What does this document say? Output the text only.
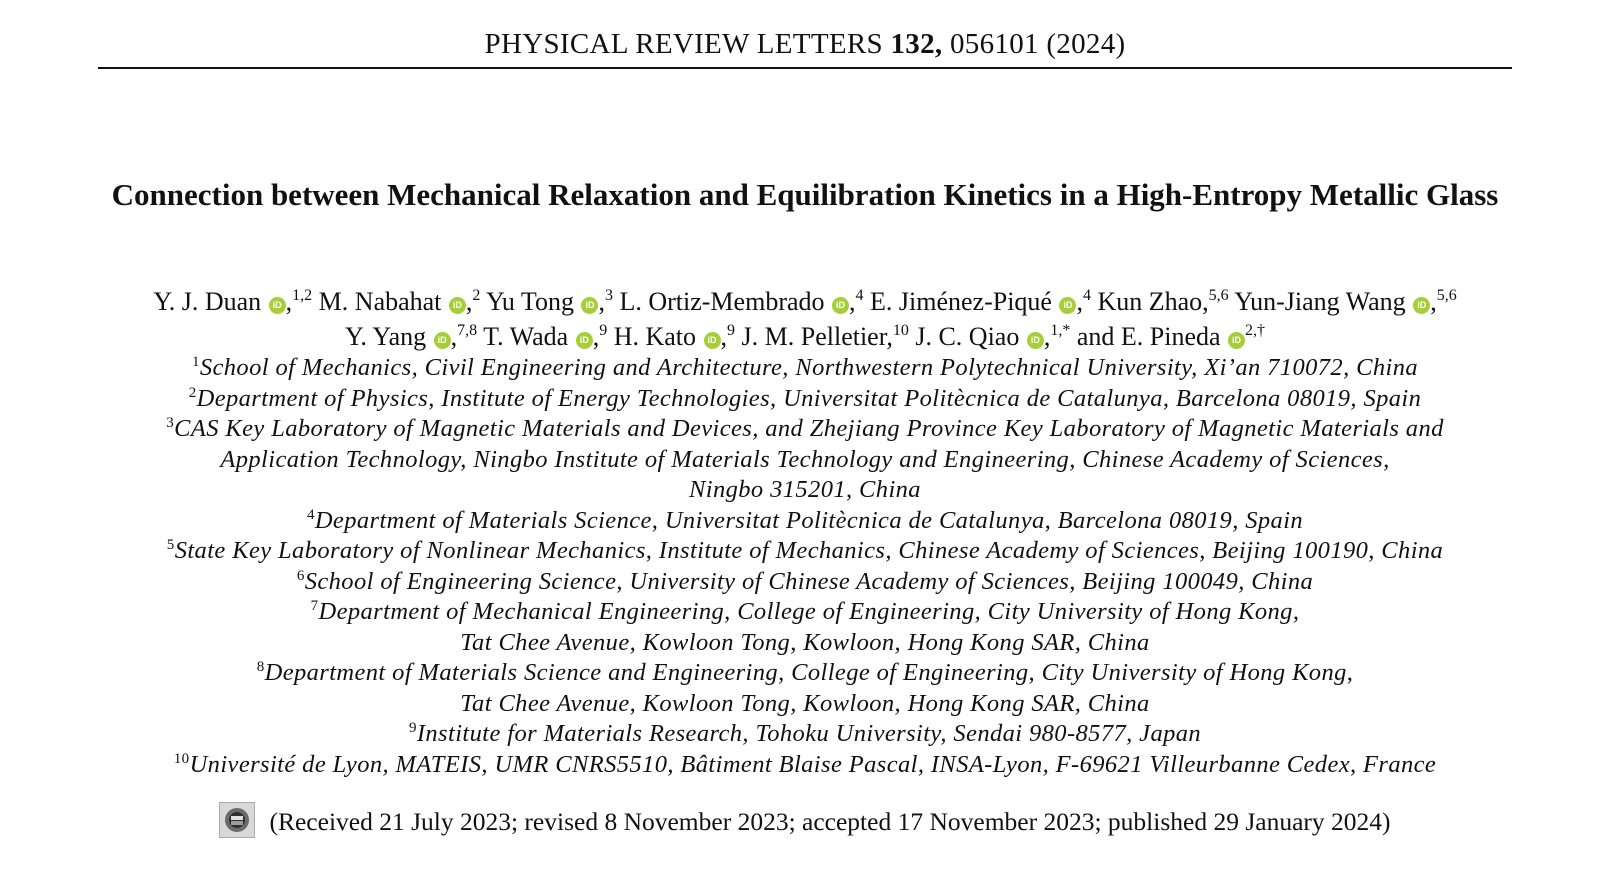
PHYSICAL REVIEW LETTERS 132, 056101 (2024)
Connection between Mechanical Relaxation and Equilibration Kinetics in a High-Entropy Metallic Glass
Y. J. Duan iD ,$^{1,2}$ M. Nabahat iD ,$^2$ Yu Tong iD ,$^3$ L. Ortiz-Membrado iD ,$^4$ E. Jiménez-Piqué iD ,$^4$ Kun Zhao,$^{5,6}$ Yun-Jiang Wang iD ,$^{5,6}$
Y. Yang iD ,$^{7,8}$ T. Wada iD ,$^9$ H. Kato iD ,$^9$ J. M. Pelletier,$^{10}$ J. C. Qiao iD ,$^{1,*}$ and E. Pineda $iD^{2,\dagger}$
$^1$School of Mechanics, Civil Engineering and Architecture, Northwestern Polytechnical University, Xi’an 710072, China
$^2$Department of Physics, Institute of Energy Technologies, Universitat Politècnica de Catalunya, Barcelona 08019, Spain
$^3$CAS Key Laboratory of Magnetic Materials and Devices, and Zhejiang Province Key Laboratory of Magnetic Materials and
Application Technology, Ningbo Institute of Materials Technology and Engineering, Chinese Academy of Sciences,
Ningbo 315201, China
$^4$Department of Materials Science, Universitat Politècnica de Catalunya, Barcelona 08019, Spain
$^5$State Key Laboratory of Nonlinear Mechanics, Institute of Mechanics, Chinese Academy of Sciences, Beijing 100190, China
$^6$School of Engineering Science, University of Chinese Academy of Sciences, Beijing 100049, China
$^7$Department of Mechanical Engineering, College of Engineering, City University of Hong Kong,
Tat Chee Avenue, Kowloon Tong, Kowloon, Hong Kong SAR, China
$^8$Department of Materials Science and Engineering, College of Engineering, City University of Hong Kong,
Tat Chee Avenue, Kowloon Tong, Kowloon, Hong Kong SAR, China
$^9$Institute for Materials Research, Tohoku University, Sendai 980-8577, Japan
$^{10}$Université de Lyon, MATEIS, UMR CNRS5510, Bâtiment Blaise Pascal, INSA-Lyon, F-69621 Villeurbanne Cedex, France
(Received 21 July 2023; revised 8 November 2023; accepted 17 November 2023; published 29 January 2024)
